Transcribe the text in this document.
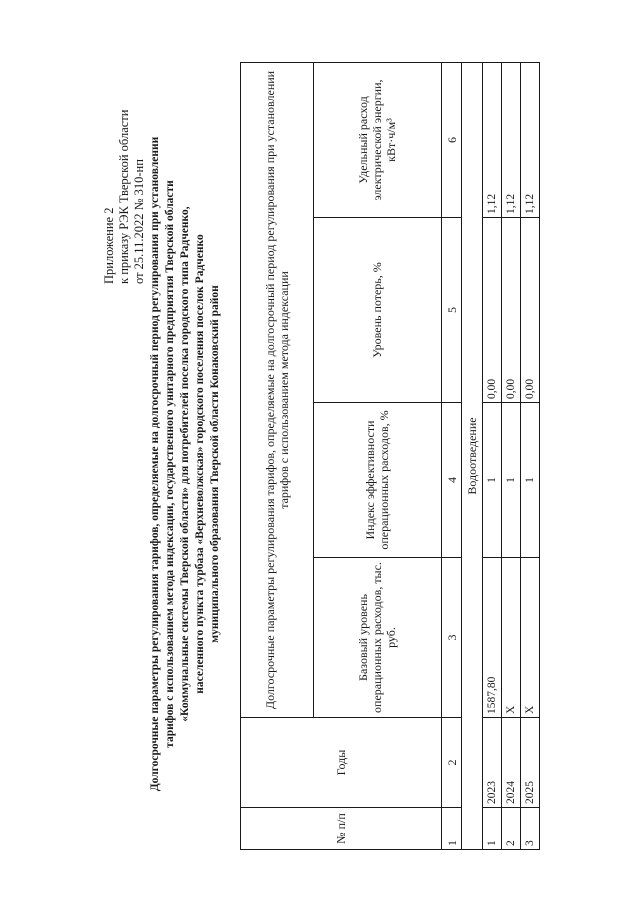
Приложение 2 к приказу РЭК Тверской области от 25.11.2022 № 310-нп Долгосрочные параметры регулирования тарифов, определяемые на долгосрочный период регулирования при установлении тарифов с использованием метода индексации, государственного унитарного предприятия Тверской области «Коммунальные системы Тверской области» для потребителей поселка городского типа Радченко, населенного пункта турбаза «Верхневолжская» городского поселения поселок Радченко муниципального образования Тверской области Конаковский район
№ п/п	Годы	Долгосрочные параметры регулирования тарифов, определяемые на долгосрочный период регулирования при установлении тарифов с использованием метода индексации			
		Базовый уровень операционных расходов, тыс. руб.	Индекс эффективности операционных расходов, %	Уровень потерь, %	Удельный расход электрической энергии, кВт·ч/м³
1	2	3	4	5	6
Водоотведение					
1	2023	1587,80	1	0,00	1,12
2	2024	Х	1	0,00	1,12
3	2025	Х	1	0,00	1,12
